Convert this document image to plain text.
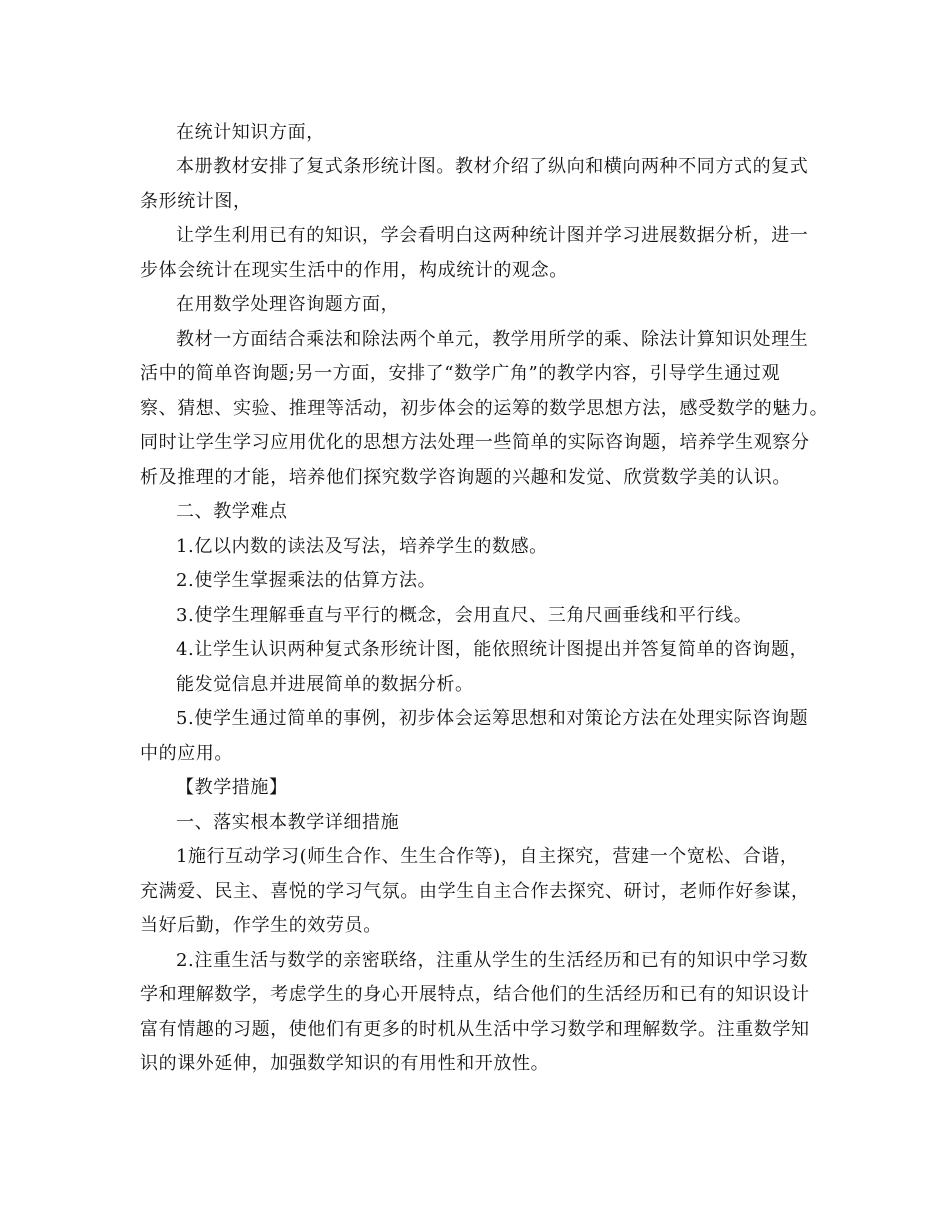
在统计知识方面，
本册教材安排了复式条形统计图。教材介绍了纵向和横向两种不同方式的复式
条形统计图，
让学生利用已有的知识，学会看明白这两种统计图并学习进展数据分析，进一
步体会统计在现实生活中的作用，构成统计的观念。
在用数学处理咨询题方面，
教材一方面结合乘法和除法两个单元，教学用所学的乘、除法计算知识处理生
活中的简单咨询题;另一方面，安排了“数学广角”的教学内容，引导学生通过观
察、猜想、实验、推理等活动，初步体会的运筹的数学思想方法，感受数学的魅力。
同时让学生学习应用优化的思想方法处理一些简单的实际咨询题，培养学生观察分
析及推理的才能，培养他们探究数学咨询题的兴趣和发觉、欣赏数学美的认识。
二、教学难点
1.亿以内数的读法及写法，培养学生的数感。
2.使学生掌握乘法的估算方法。
3.使学生理解垂直与平行的概念，会用直尺、三角尺画垂线和平行线。
4.让学生认识两种复式条形统计图，能依照统计图提出并答复简单的咨询题，
能发觉信息并进展简单的数据分析。
5.使学生通过简单的事例，初步体会运筹思想和对策论方法在处理实际咨询题
中的应用。
【教学措施】
一、落实根本教学详细措施
1施行互动学习(师生合作、生生合作等)，自主探究，营建一个宽松、合谐，
充满爱、民主、喜悦的学习气氛。由学生自主合作去探究、研讨，老师作好参谋，
当好后勤，作学生的效劳员。
2.注重生活与数学的亲密联络，注重从学生的生活经历和已有的知识中学习数
学和理解数学，考虑学生的身心开展特点，结合他们的生活经历和已有的知识设计
富有情趣的习题，使他们有更多的时机从生活中学习数学和理解数学。注重数学知
识的课外延伸，加强数学知识的有用性和开放性。
